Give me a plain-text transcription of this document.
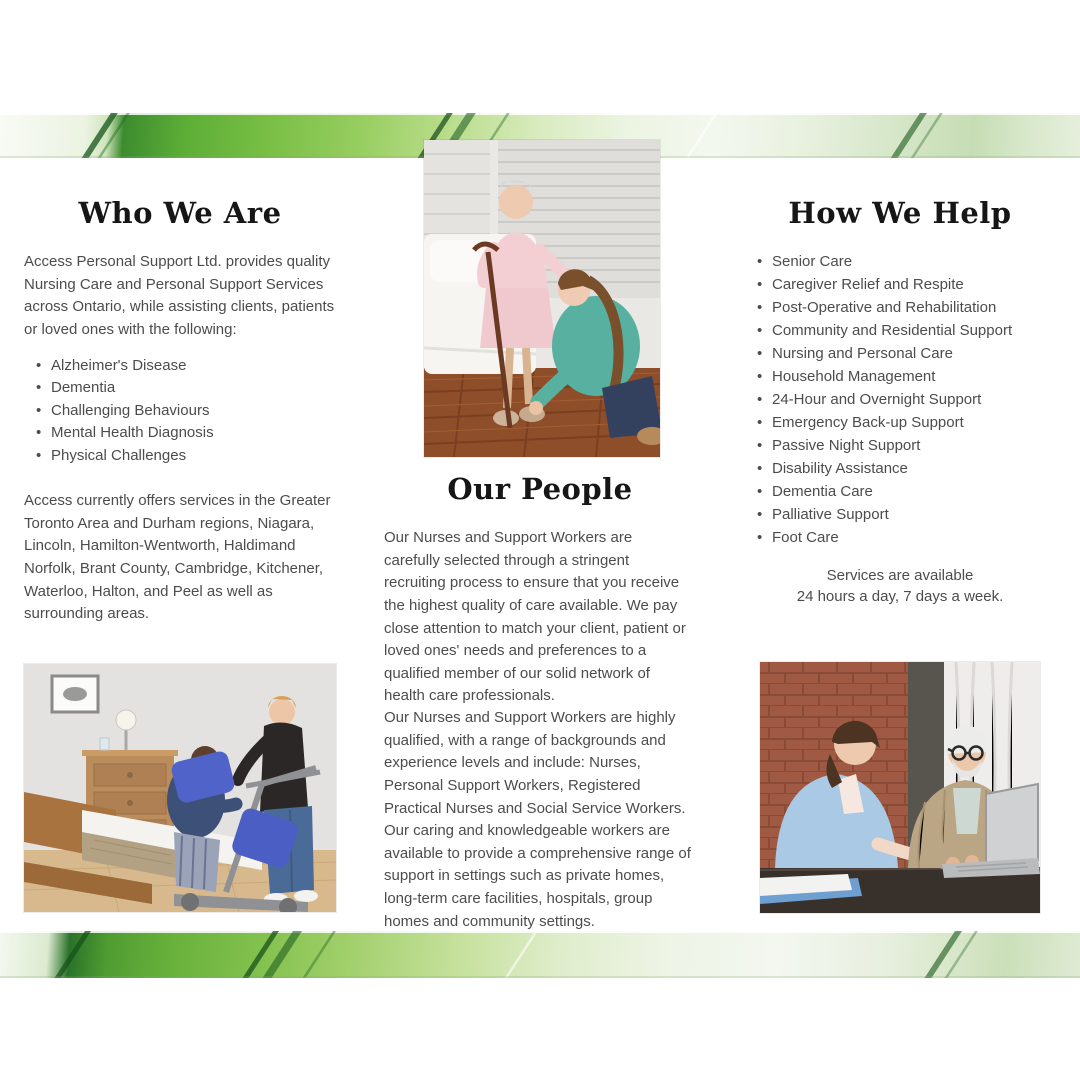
Who We Are

Access Personal Support Ltd. provides quality Nursing Care and Personal Support Services across Ontario, while assisting clients, patients or loved ones with the following:

• Alzheimer's Disease
• Dementia
• Challenging Behaviours
• Mental Health Diagnosis
• Physical Challenges

Access currently offers services in the Greater Toronto Area and Durham regions, Niagara, Lincoln, Hamilton-Wentworth, Haldimand Norfolk, Brant County, Cambridge, Kitchener, Waterloo, Halton, and Peel as well as surrounding areas.

Our People

Our Nurses and Support Workers are carefully selected through a stringent recruiting process to ensure that you receive the highest quality of care available. We pay close attention to match your client, patient or loved ones' needs and preferences to a qualified member of our solid network of health care professionals.

Our Nurses and Support Workers are highly qualified, with a range of backgrounds and experience levels and include: Nurses, Personal Support Workers, Registered Practical Nurses and Social Service Workers. Our caring and knowledgeable workers are available to provide a comprehensive range of support in settings such as private homes, long-term care facilities, hospitals, group homes and community settings.

How We Help
• Senior Care
• Caregiver Relief and Respite
• Post-Operative and Rehabilitation
• Community and Residential Support
• Nursing and Personal Care
• Household Management
• 24-Hour and Overnight Support
• Emergency Back-up Support
• Passive Night Support
• Disability Assistance
• Dementia Care
• Palliative Support
• Foot Care
Services are available
24 hours a day, 7 days a week.
